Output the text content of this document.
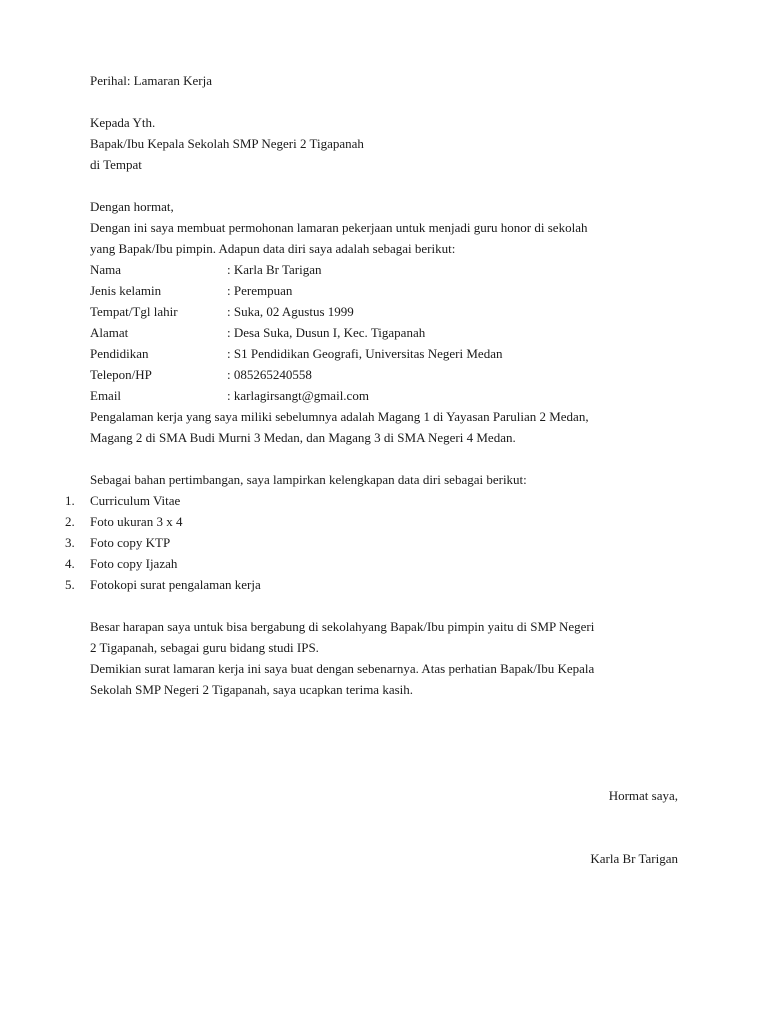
Perihal: Lamaran Kerja
Kepada Yth.
Bapak/Ibu Kepala Sekolah SMP Negeri 2 Tigapanah
di Tempat
Dengan hormat,
Dengan ini saya membuat permohonan lamaran pekerjaan untuk menjadi guru honor di sekolah
yang Bapak/Ibu pimpin. Adapun data diri saya adalah sebagai berikut:
Nama	: Karla Br Tarigan
Jenis kelamin	: Perempuan
Tempat/Tgl lahir	: Suka, 02 Agustus 1999
Alamat	: Desa Suka, Dusun I, Kec. Tigapanah
Pendidikan	: S1 Pendidikan Geografi, Universitas Negeri Medan
Telepon/HP	: 085265240558
Email	: karlagirsangt@gmail.com
Pengalaman kerja yang saya miliki sebelumnya adalah Magang 1 di Yayasan Parulian 2 Medan,
Magang 2 di SMA Budi Murni 3 Medan, dan Magang 3 di SMA Negeri 4 Medan.
Sebagai bahan pertimbangan, saya lampirkan kelengkapan data diri sebagai berikut:
1. Curriculum Vitae
2. Foto ukuran 3 x 4
3. Foto copy KTP
4. Foto copy Ijazah
5. Fotokopi surat pengalaman kerja
Besar harapan saya untuk bisa bergabung di sekolahyang Bapak/Ibu pimpin yaitu di SMP Negeri
2 Tigapanah, sebagai guru bidang studi IPS.
Demikian surat lamaran kerja ini saya buat dengan sebenarnya. Atas perhatian Bapak/Ibu Kepala
Sekolah SMP Negeri 2 Tigapanah, saya ucapkan terima kasih.
Hormat saya,
Karla Br Tarigan
